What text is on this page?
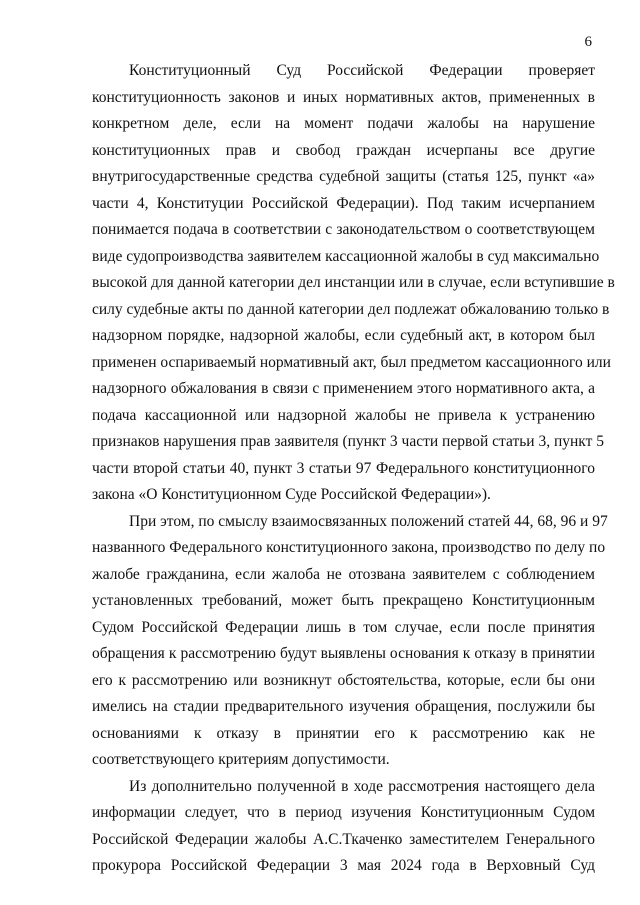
6
Конституционный Суд Российской Федерации проверяет
конституционность законов и иных нормативных актов, примененных в
конкретном деле, если на момент подачи жалобы на нарушение
конституционных прав и свобод граждан исчерпаны все другие
внутригосударственные средства судебной защиты (статья 125, пункт «а»
части 4, Конституции Российской Федерации). Под таким исчерпанием
понимается подача в соответствии с законодательством о соответствующем
виде судопроизводства заявителем кассационной жалобы в суд максимально
высокой для данной категории дел инстанции или в случае, если вступившие в
силу судебные акты по данной категории дел подлежат обжалованию только в
надзорном порядке, надзорной жалобы, если судебный акт, в котором был
применен оспариваемый нормативный акт, был предметом кассационного или
надзорного обжалования в связи с применением этого нормативного акта, а
подача кассационной или надзорной жалобы не привела к устранению
признаков нарушения прав заявителя (пункт 3 части первой статьи 3, пункт 5
части второй статьи 40, пункт 3 статьи 97 Федерального конституционного
закона «О Конституционном Суде Российской Федерации»).
При этом, по смыслу взаимосвязанных положений статей 44, 68, 96 и 97
названного Федерального конституционного закона, производство по делу по
жалобе гражданина, если жалоба не отозвана заявителем с соблюдением
установленных требований, может быть прекращено Конституционным
Судом Российской Федерации лишь в том случае, если после принятия
обращения к рассмотрению будут выявлены основания к отказу в принятии
его к рассмотрению или возникнут обстоятельства, которые, если бы они
имелись на стадии предварительного изучения обращения, послужили бы
основаниями к отказу в принятии его к рассмотрению как не
соответствующего критериям допустимости.
Из дополнительно полученной в ходе рассмотрения настоящего дела
информации следует, что в период изучения Конституционным Судом
Российской Федерации жалобы А.С.Ткаченко заместителем Генерального
прокурора Российской Федерации 3 мая 2024 года в Верховный Суд
